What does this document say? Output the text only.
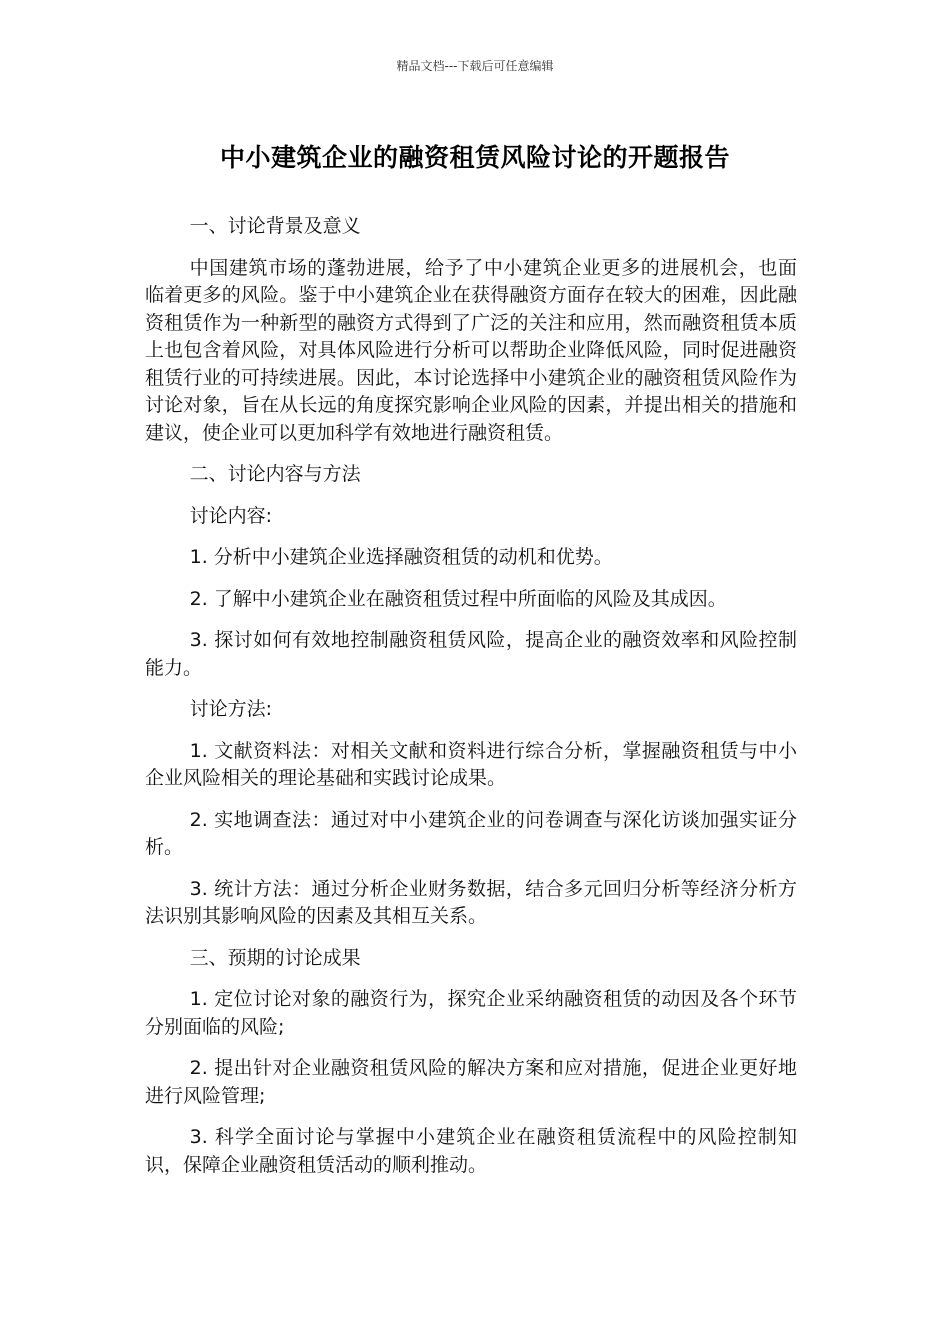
精品文档---下载后可任意编辑
中小建筑企业的融资租赁风险讨论的开题报告

一、讨论背景及意义

中国建筑市场的蓬勃进展，给予了中小建筑企业更多的进展机会，也面临着更多的风险。鉴于中小建筑企业在获得融资方面存在较大的困难，因此融资租赁作为一种新型的融资方式得到了广泛的关注和应用，然而融资租赁本质上也包含着风险，对具体风险进行分析可以帮助企业降低风险，同时促进融资租赁行业的可持续进展。因此，本讨论选择中小建筑企业的融资租赁风险作为讨论对象，旨在从长远的角度探究影响企业风险的因素，并提出相关的措施和建议，使企业可以更加科学有效地进行融资租赁。

二、讨论内容与方法

讨论内容:

1. 分析中小建筑企业选择融资租赁的动机和优势。

2. 了解中小建筑企业在融资租赁过程中所面临的风险及其成因。

3. 探讨如何有效地控制融资租赁风险，提高企业的融资效率和风险控制能力。

讨论方法:

1. 文献资料法：对相关文献和资料进行综合分析，掌握融资租赁与中小企业风险相关的理论基础和实践讨论成果。

2. 实地调查法：通过对中小建筑企业的问卷调查与深化访谈加强实证分析。

3. 统计方法：通过分析企业财务数据，结合多元回归分析等经济分析方法识别其影响风险的因素及其相互关系。

三、预期的讨论成果

1. 定位讨论对象的融资行为，探究企业采纳融资租赁的动因及各个环节分别面临的风险;

2. 提出针对企业融资租赁风险的解决方案和应对措施，促进企业更好地进行风险管理;

3. 科学全面讨论与掌握中小建筑企业在融资租赁流程中的风险控制知识，保障企业融资租赁活动的顺利推动。
